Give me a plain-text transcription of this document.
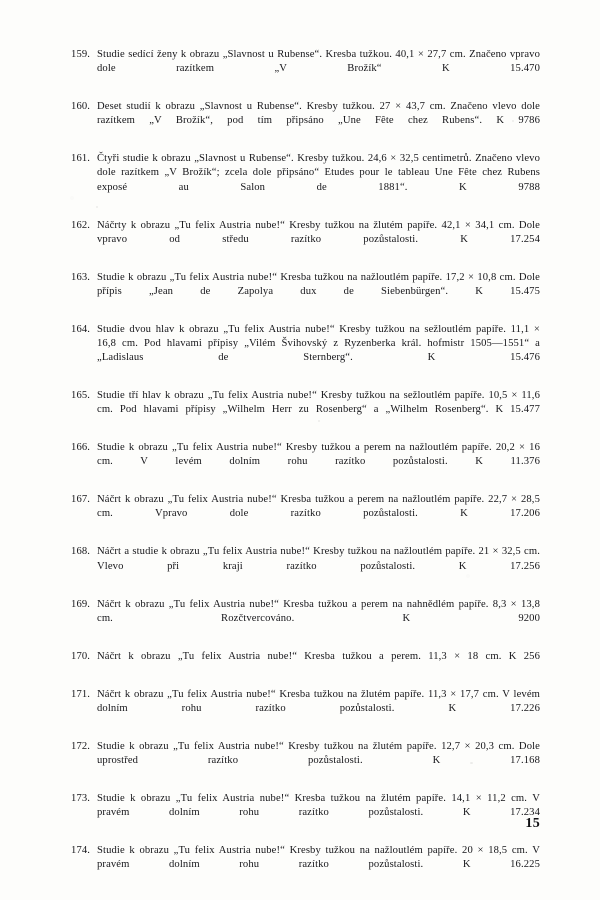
159. Studie sedící ženy k obrazu „Slavnost u Rubense“. Kresba tužkou. 40,1 × 27,7 cm. Značeno vpravo dole razítkem „V Brožík“ K 15.470
160. Deset studií k obrazu „Slavnost u Rubense“. Kresby tužkou. 27 × 43,7 cm. Značeno vlevo dole razítkem „V Brožík“, pod tím připsáno „Une Fête chez Rubens“. K 9786
161. Čtyři studie k obrazu „Slavnost u Rubense“. Kresby tužkou. 24,6 × 32,5 centimetrů. Značeno vlevo dole razítkem „V Brožík“; zcela dole připsáno“ Etudes pour le tableau Une Fête chez Rubens exposé au Salon de 1881“. K 9788
162. Náčrty k obrazu „Tu felix Austria nube!“ Kresby tužkou na žlutém papíře. 42,1 × 34,1 cm. Dole vpravo od středu razítko pozůstalosti. K 17.254
163. Studie k obrazu „Tu felix Austria nube!“ Kresba tužkou na nažloutlém papíře. 17,2 × 10,8 cm. Dole přípis „Jean de Zapolya dux de Siebenbürgen“. K 15.475
164. Studie dvou hlav k obrazu „Tu felix Austria nube!“ Kresby tužkou na sežloutlém papíře. 11,1 × 16,8 cm. Pod hlavami přípisy „Vilém Švihovský z Ryzenberka král. hofmistr 1505—1551“ a „Ladislaus de Sternberg“. K 15.476
165. Studie tří hlav k obrazu „Tu felix Austria nube!“ Kresby tužkou na sežloutlém papíře. 10,5 × 11,6 cm. Pod hlavami přípisy „Wilhelm Herr zu Rosenberg“ a „Wilhelm Rosenberg“. K 15.477
166. Studie k obrazu „Tu felix Austria nube!“ Kresby tužkou a perem na nažloutlém papíře. 20,2 × 16 cm. V levém dolním rohu razítko pozůstalosti. K 11.376
167. Náčrt k obrazu „Tu felix Austria nube!“ Kresba tužkou a perem na nažloutlém papíře. 22,7 × 28,5 cm. Vpravo dole razítko pozůstalosti. K 17.206
168. Náčrt a studie k obrazu „Tu felix Austria nube!“ Kresby tužkou na nažloutlém papíře. 21 × 32,5 cm. Vlevo při kraji razítko pozůstalosti. K 17.256
169. Náčrt k obrazu „Tu felix Austria nube!“ Kresba tužkou a perem na nahnědlém papíře. 8,3 × 13,8 cm. Rozčtvercováno. K 9200
170. Náčrt k obrazu „Tu felix Austria nube!“ Kresba tužkou a perem. 11,3 × 18 cm. K 256
171. Náčrt k obrazu „Tu felix Austria nube!“ Kresba tužkou na žlutém papíře. 11,3 × 17,7 cm. V levém dolním rohu razítko pozůstalosti. K 17.226
172. Studie k obrazu „Tu felix Austria nube!“ Kresby tužkou na žlutém papíře. 12,7 × 20,3 cm. Dole uprostřed razítko pozůstalosti. K 17.168
173. Studie k obrazu „Tu felix Austria nube!“ Kresba tužkou na žlutém papíře. 14,1 × 11,2 cm. V pravém dolním rohu razítko pozůstalosti. K 17.234
174. Studie k obrazu „Tu felix Austria nube!“ Kresby tužkou na nažloutlém papíře. 20 × 18,5 cm. V pravém dolním rohu razítko pozůstalosti. K 16.225
15
